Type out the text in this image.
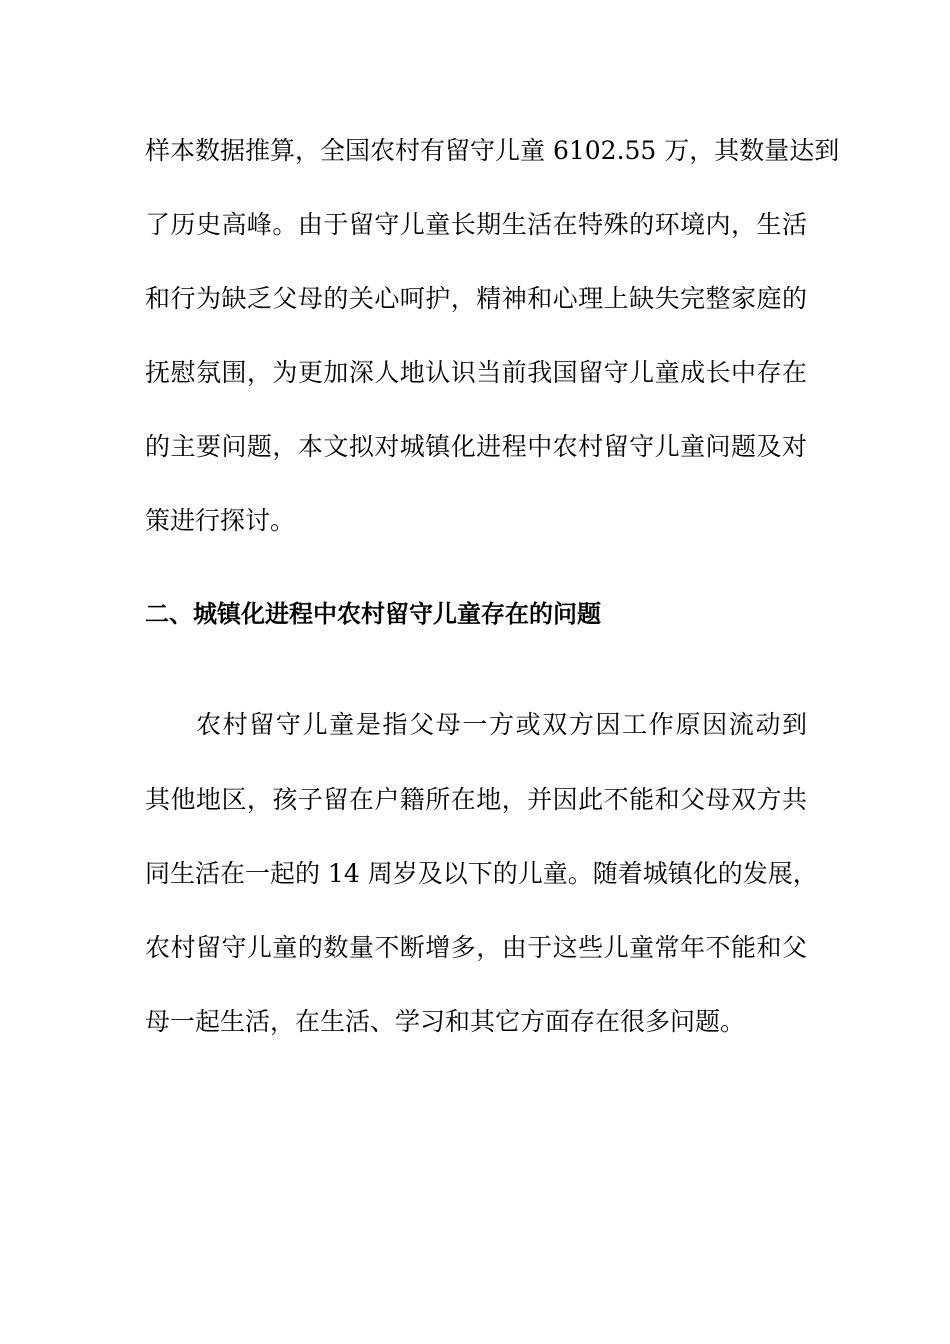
样本数据推算，全国农村有留守儿童 6102.55 万，其数量达到
了历史高峰。由于留守儿童长期生活在特殊的环境内，生活
和行为缺乏父母的关心呵护，精神和心理上缺失完整家庭的
抚慰氛围，为更加深人地认识当前我国留守儿童成长中存在
的主要问题，本文拟对城镇化进程中农村留守儿童问题及对
策进行探讨。
二、城镇化进程中农村留守儿童存在的问题
农村留守儿童是指父母一方或双方因工作原因流动到
其他地区，孩子留在户籍所在地，并因此不能和父母双方共
同生活在一起的 14 周岁及以下的儿童。随着城镇化的发展，
农村留守儿童的数量不断增多，由于这些儿童常年不能和父
母一起生活，在生活、学习和其它方面存在很多问题。
